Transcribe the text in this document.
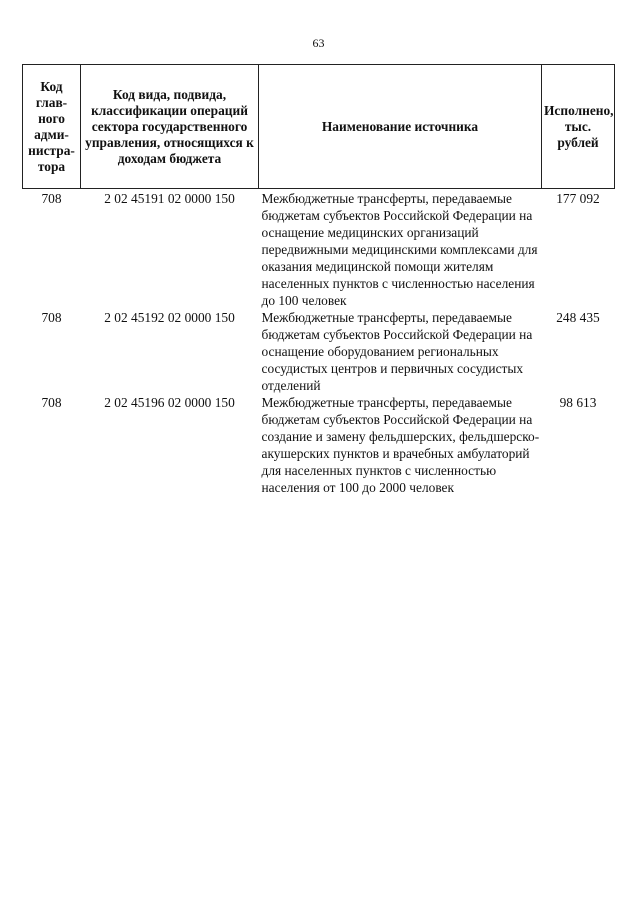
63
Код глав-ного адми-нистра-тора	Код вида, подвида, классификации операций сектора государственного управления, относящихся к доходам бюджета	Наименование источника	Исполнено, тыс. рублей
708	2 02 45191 02 0000 150	Межбюджетные трансферты, передаваемые бюджетам субъектов Российской Федерации на оснащение медицинских организаций передвижными медицинскими комплексами для оказания медицинской помощи жителям населенных пунктов с численностью населения до 100 человек	177 092
708	2 02 45192 02 0000 150	Межбюджетные трансферты, передаваемые бюджетам субъектов Российской Федерации на оснащение оборудованием региональных сосудистых центров и первичных сосудистых отделений	248 435
708	2 02 45196 02 0000 150	Межбюджетные трансферты, передаваемые бюджетам субъектов Российской Федерации на создание и замену фельдшерских, фельдшерско-акушерских пунктов и врачебных амбулаторий для населенных пунктов с численностью населения от 100 до 2000 человек	98 613
